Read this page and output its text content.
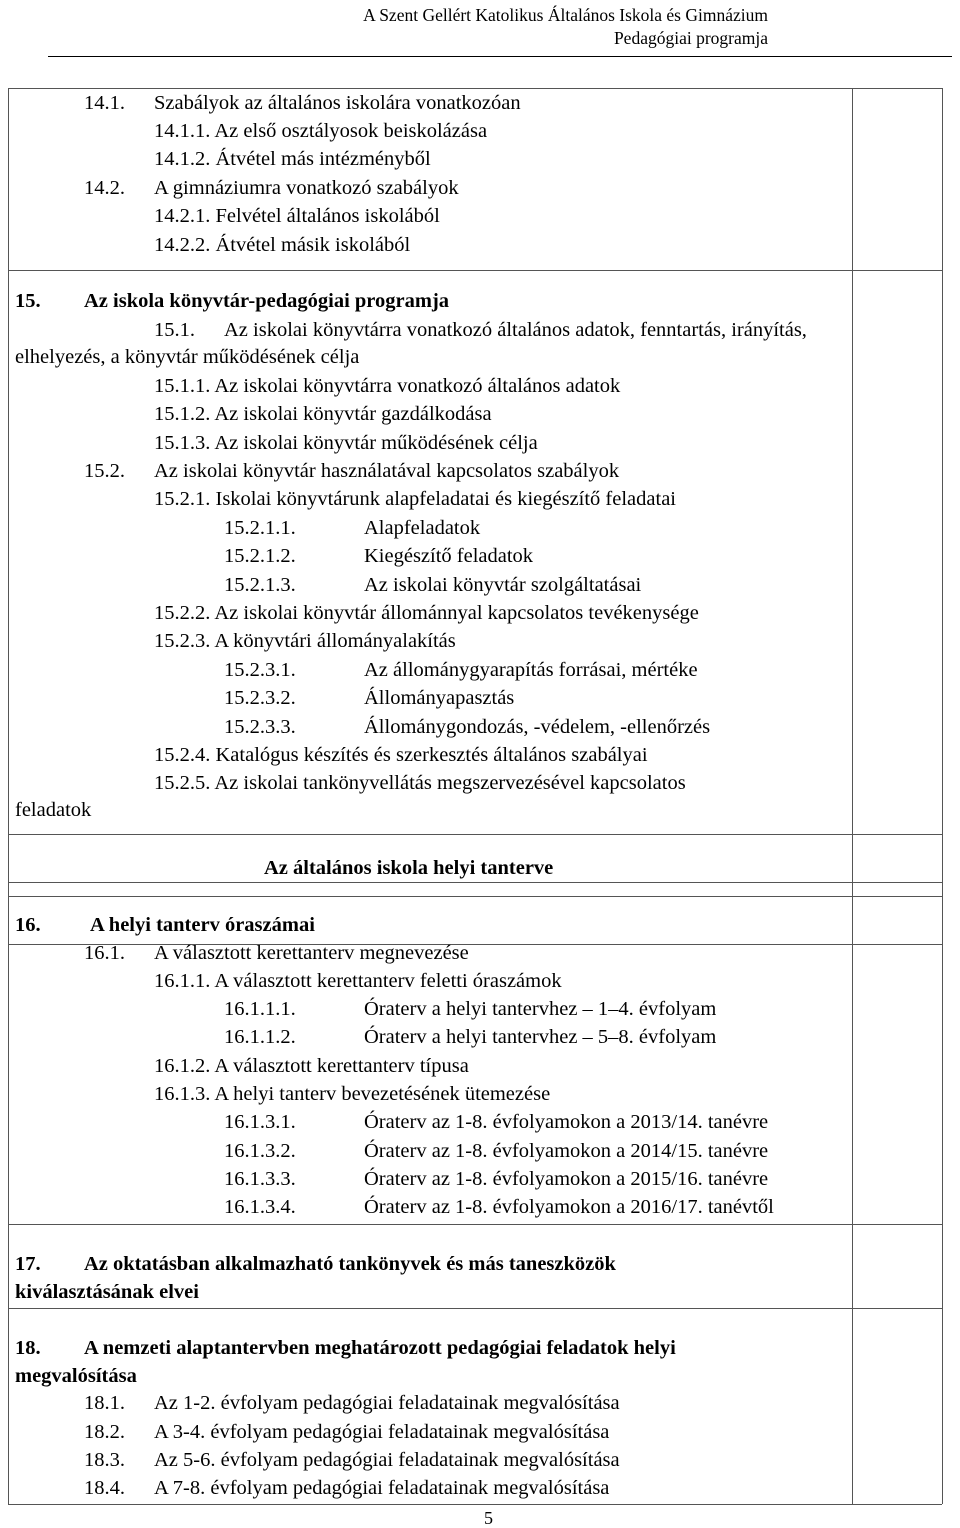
A Szent Gellért Katolikus Általános Iskola és Gimnázium
Pedagógiai programja
14.1. Szabályok az általános iskolára vonatkozóan
14.1.1. Az első osztályosok beiskolázása
14.1.2. Átvétel más intézményből
14.2. A gimnáziumra vonatkozó szabályok
14.2.1. Felvétel általános iskolából
14.2.2. Átvétel másik iskolából
15. Az iskola könyvtár-pedagógiai programja
15.1. Az iskolai könyvtárra vonatkozó általános adatok, fenntartás, irányítás,
elhelyezés, a könyvtár működésének célja
15.1.1. Az iskolai könyvtárra vonatkozó általános adatok
15.1.2. Az iskolai könyvtár gazdálkodása
15.1.3. Az iskolai könyvtár működésének célja
15.2. Az iskolai könyvtár használatával kapcsolatos szabályok
15.2.1. Iskolai könyvtárunk alapfeladatai és kiegészítő feladatai
15.2.1.1.	Alapfeladatok
15.2.1.2.	Kiegészítő feladatok
15.2.1.3.	Az iskolai könyvtár szolgáltatásai
15.2.2. Az iskolai könyvtár állománnyal kapcsolatos tevékenysége
15.2.3. A könyvtári állományalakítás
15.2.3.1.	Az állománygyarapítás forrásai, mértéke
15.2.3.2.	Állományapasztás
15.2.3.3.	Állománygondozás, -védelem, -ellenőrzés
15.2.4. Katalógus készítés és szerkesztés általános szabályai
15.2.5. Az iskolai tankönyvellátás megszervezésével kapcsolatos
feladatok
Az általános iskola helyi tanterve
16. A helyi tanterv óraszámai
16.1. A választott kerettanterv megnevezése
16.1.1. A választott kerettanterv feletti óraszámok
16.1.1.1.	Óraterv a helyi tantervhez – 1–4. évfolyam
16.1.1.2.	Óraterv a helyi tantervhez – 5–8. évfolyam
16.1.2. A választott kerettanterv típusa
16.1.3. A helyi tanterv bevezetésének ütemezése
16.1.3.1.	Óraterv az 1-8. évfolyamokon a 2013/14. tanévre
16.1.3.2.	Óraterv az 1-8. évfolyamokon a 2014/15. tanévre
16.1.3.3.	Óraterv az 1-8. évfolyamokon a 2015/16. tanévre
16.1.3.4.	Óraterv az 1-8. évfolyamokon a 2016/17. tanévtől
17. Az oktatásban alkalmazható tankönyvek és más taneszközök
kiválasztásának elvei
18. A nemzeti alaptantervben meghatározott pedagógiai feladatok helyi
megvalósítása
18.1. Az 1-2. évfolyam pedagógiai feladatainak megvalósítása
18.2. A 3-4. évfolyam pedagógiai feladatainak megvalósítása
18.3. Az 5-6. évfolyam pedagógiai feladatainak megvalósítása
18.4. A 7-8. évfolyam pedagógiai feladatainak megvalósítása
5
